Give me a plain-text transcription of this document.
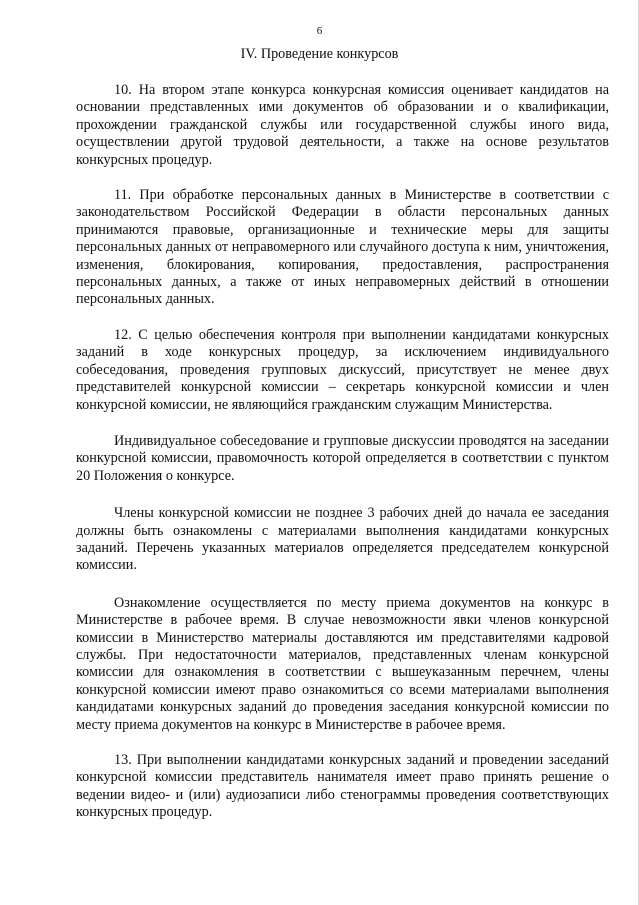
6
IV. Проведение конкурсов

10. На втором этапе конкурса конкурсная комиссия оценивает кандидатов на основании представленных ими документов об образовании и о квалификации, прохождении гражданской службы или государственной службы иного вида, осуществлении другой трудовой деятельности, а также на основе результатов конкурсных процедур.

11. При обработке персональных данных в Министерстве в соответствии с законодательством Российской Федерации в области персональных данных принимаются правовые, организационные и технические меры для защиты персональных данных от неправомерного или случайного доступа к ним, уничтожения, изменения, блокирования, копирования, предоставления, распространения персональных данных, а также от иных неправомерных действий в отношении персональных данных.

12. С целью обеспечения контроля при выполнении кандидатами конкурсных заданий в ходе конкурсных процедур, за исключением индивидуального собеседования, проведения групповых дискуссий, присутствует не менее двух представителей конкурсной комиссии – секретарь конкурсной комиссии и член конкурсной комиссии, не являющийся гражданским служащим Министерства.

Индивидуальное собеседование и групповые дискуссии проводятся на заседании конкурсной комиссии, правомочность которой определяется в соответствии с пунктом 20 Положения о конкурсе.

Члены конкурсной комиссии не позднее 3 рабочих дней до начала ее заседания должны быть ознакомлены с материалами выполнения кандидатами конкурсных заданий. Перечень указанных материалов определяется председателем конкурсной комиссии.

Ознакомление осуществляется по месту приема документов на конкурс в Министерстве в рабочее время. В случае невозможности явки членов конкурсной комиссии в Министерство материалы доставляются им представителями кадровой службы. При недостаточности материалов, представленных членам конкурсной комиссии для ознакомления в соответствии с вышеуказанным перечнем, члены конкурсной комиссии имеют право ознакомиться со всеми материалами выполнения кандидатами конкурсных заданий до проведения заседания конкурсной комиссии по месту приема документов на конкурс в Министерстве в рабочее время.

13. При выполнении кандидатами конкурсных заданий и проведении заседаний конкурсной комиссии представитель нанимателя имеет право принять решение о ведении видео- и (или) аудиозаписи либо стенограммы проведения соответствующих конкурсных процедур.
